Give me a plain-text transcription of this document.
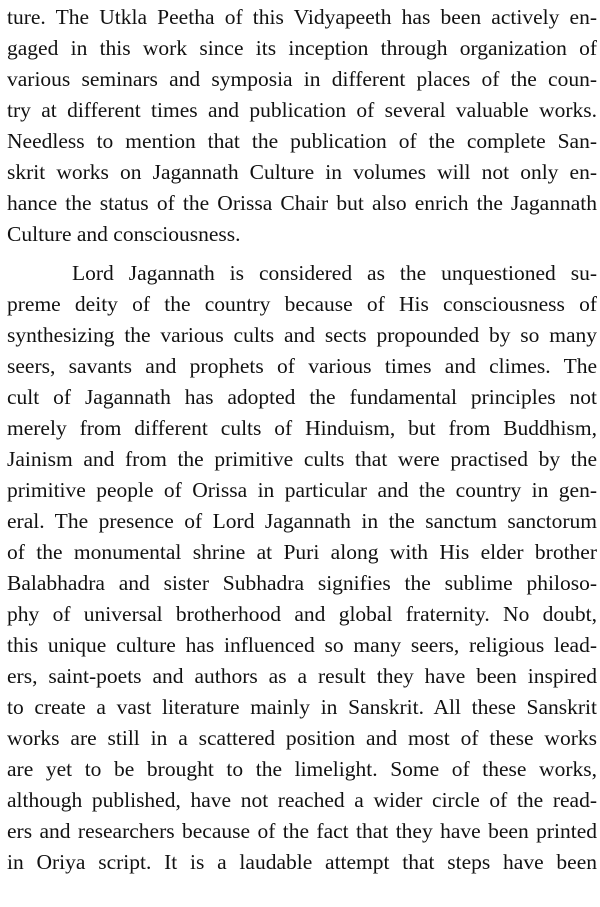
ture. The Utkla Peetha of this Vidyapeeth has been actively en-
gaged in this work since its inception through organization of
various seminars and symposia in different places of the coun-
try at different times and publication of several valuable works.
Needless to mention that the publication of the complete San-
skrit works on Jagannath Culture in volumes will not only en-
hance the status of the Orissa Chair but also enrich the Jagannath
Culture and consciousness.
Lord Jagannath is considered as the unquestioned su-
preme deity of the country because of His consciousness of
synthesizing the various cults and sects propounded by so many
seers, savants and prophets of various times and climes. The
cult of Jagannath has adopted the fundamental principles not
merely from different cults of Hinduism, but from Buddhism,
Jainism and from the primitive cults that were practised by the
primitive people of Orissa in particular and the country in gen-
eral. The presence of Lord Jagannath in the sanctum sanctorum
of the monumental shrine at Puri along with His elder brother
Balabhadra and sister Subhadra signifies the sublime philoso-
phy of universal brotherhood and global fraternity. No doubt,
this unique culture has influenced so many seers, religious lead-
ers, saint-poets and authors as a result they have been inspired
to create a vast literature mainly in Sanskrit. All these Sanskrit
works are still in a scattered position and most of these works
are yet to be brought to the limelight. Some of these works,
although published, have not reached a wider circle of the read-
ers and researchers because of the fact that they have been printed
in Oriya script. It is a laudable attempt that steps have been
